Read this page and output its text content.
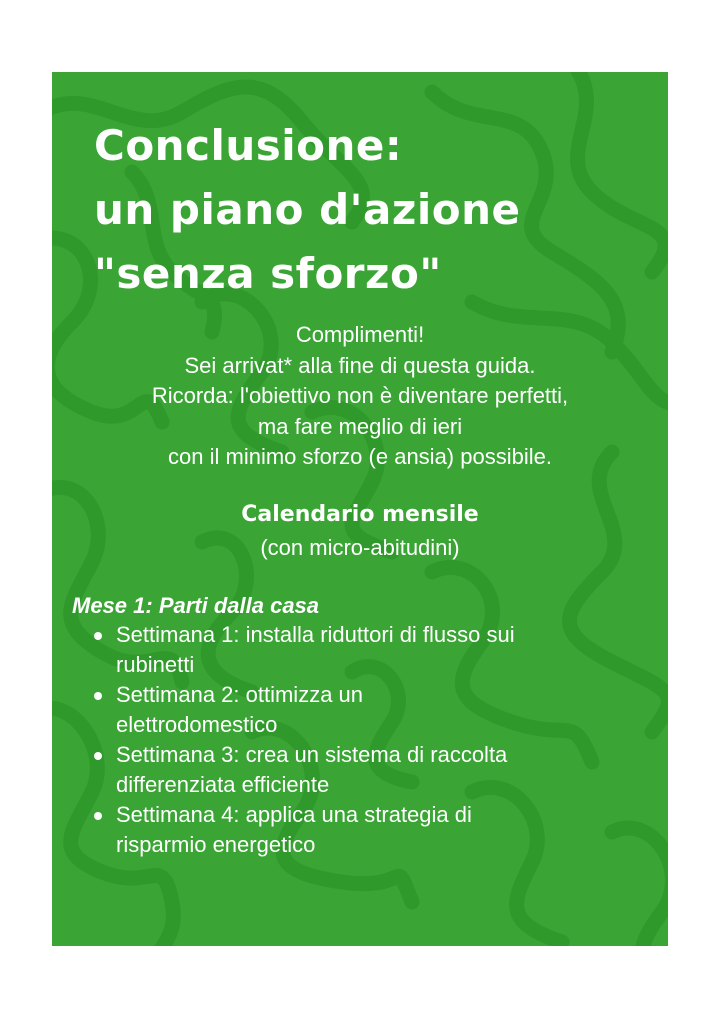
Conclusione:
un piano d'azione
"senza sforzo"
Complimenti!
Sei arrivat* alla fine di questa guida.
Ricorda: l'obiettivo non è diventare perfetti,
ma fare meglio di ieri
con il minimo sforzo (e ansia) possibile.
Calendario mensile
(con micro-abitudini)
Mese 1: Parti dalla casa
Settimana 1: installa riduttori di flusso sui
rubinetti
Settimana 2: ottimizza un
elettrodomestico
Settimana 3: crea un sistema di raccolta
differenziata efficiente
Settimana 4: applica una strategia di
risparmio energetico
